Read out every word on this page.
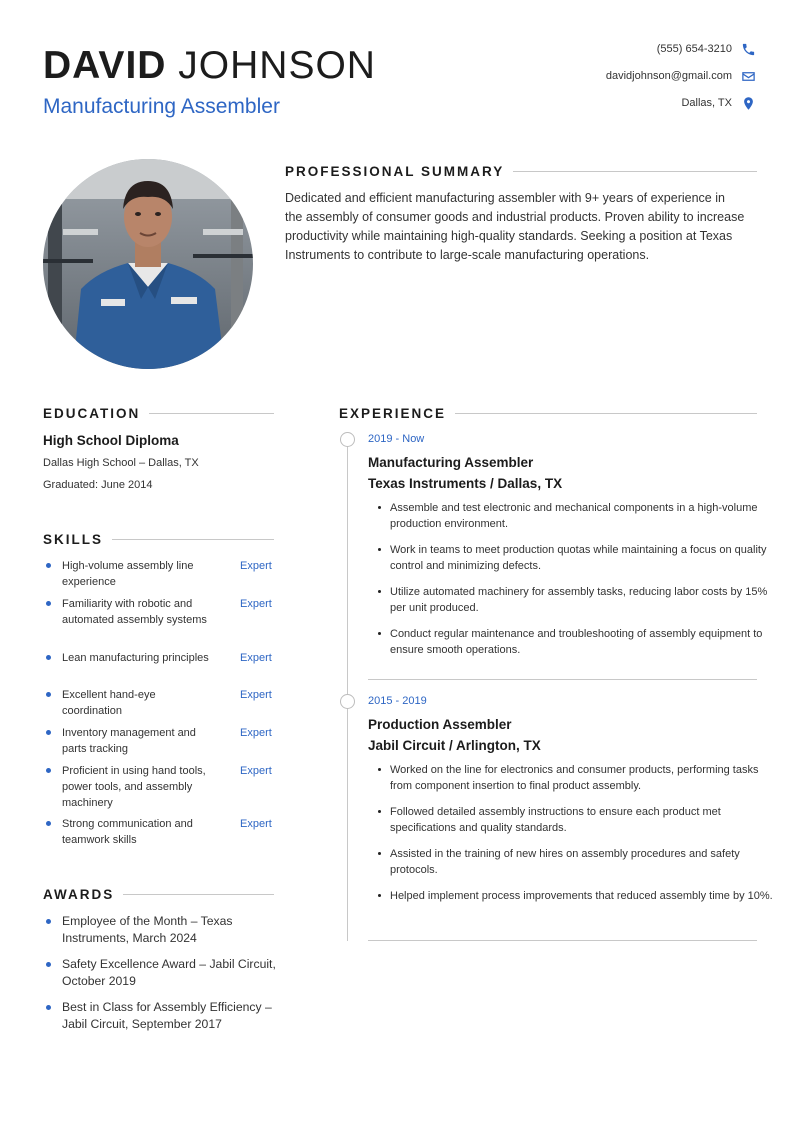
DAVID JOHNSON
Manufacturing Assembler
(555) 654-3210
davidjohnson@gmail.com
Dallas, TX
PROFESSIONAL SUMMARY
Dedicated and efficient manufacturing assembler with 9+ years of experience in
the assembly of consumer goods and industrial products. Proven ability to increase
productivity while maintaining high-quality standards. Seeking a position at Texas
Instruments to contribute to large-scale manufacturing operations.
EDUCATION
High School Diploma
Dallas High School – Dallas, TX
Graduated: June 2014
SKILLS
High-volume assembly line experience
Expert
Familiarity with robotic and automated assembly systems
Expert
Lean manufacturing principles	Expert
Excellent hand-eye coordination
Expert
Inventory management and parts tracking
Expert
Proficient in using hand tools, power tools, and assembly machinery
Expert
Strong communication and teamwork skills
Expert
AWARDS
Employee of the Month – Texas Instruments, March 2024
Safety Excellence Award – Jabil Circuit, October 2019
Best in Class for Assembly Efficiency – Jabil Circuit, September 2017
EXPERIENCE
2019 - Now
Manufacturing Assembler
Texas Instruments / Dallas, TX
Assemble and test electronic and mechanical components in a high-volume production environment.
Work in teams to meet production quotas while maintaining a focus on quality control and minimizing defects.
Utilize automated machinery for assembly tasks, reducing labor costs by 15% per unit produced.
Conduct regular maintenance and troubleshooting of assembly equipment to ensure smooth operations.
2015 - 2019
Production Assembler
Jabil Circuit / Arlington, TX
Worked on the line for electronics and consumer products, performing tasks from component insertion to final product assembly.
Followed detailed assembly instructions to ensure each product met specifications and quality standards.
Assisted in the training of new hires on assembly procedures and safety protocols.
Helped implement process improvements that reduced assembly time by 10%.
